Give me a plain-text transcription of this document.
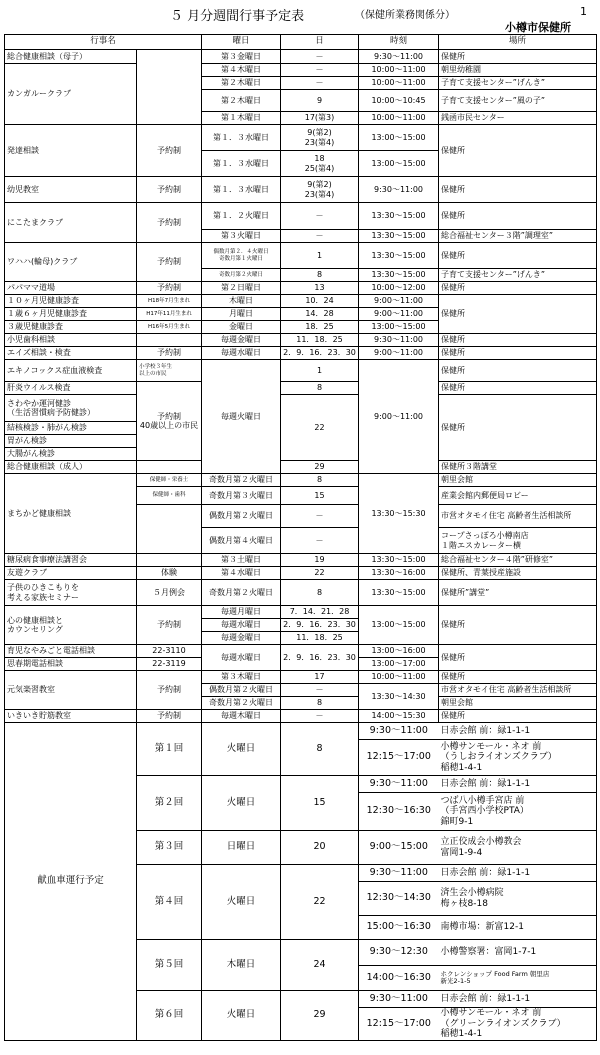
５ 月分週間行事予定表	（保健所業務関係分）	1
小樽市保健所
行事名		曜日	日	時刻	場所
総合健康相談（母子）		第３金曜日	－	9:30～11:00	保健所
カンガルークラブ		第４木曜日	－	10:00～11:00	朝里幼稚園
		第２木曜日	－	10:00～11:00	子育て支援センター”げんき”
		第２木曜日	9	10:00～10:45	子育て支援センター”風の子”
		第１木曜日	17(第3)	10:00～11:00	銭函市民センター
発達相談	予約制	第１．３水曜日	9(第2)
23(第4)	13:00～15:00	保健所
		第１．３水曜日	18
25(第4)	13:00～15:00	
幼児教室	予約制	第１．３水曜日	9(第2)
23(第4)	9:30～11:00	保健所
にこたまクラブ	予約制	第１．２火曜日	－	13:30～15:00	保健所
		第３火曜日	－	13:30～15:00	総合福祉センター３階”調理室”
ワハハ(輪母)クラブ	予約制	偶数月第２．４火曜日
奇数月第１火曜日	1	13:30～15:00	保健所
		奇数月第２火曜日	8	13:30～15:00	子育て支援センター”げんき”
パパママ道場	予約制	第２日曜日	13	10:00～12:00	保健所
１０ヶ月児健康診査	H18年7月生まれ	木曜日	10．24	9:00～11:00	保健所
１歳６ヶ月児健康診査	H17年11月生まれ	月曜日	14．28	9:00～11:00	
３歳児健康診査	H16年5月生まれ	金曜日	18．25	13:00～15:00	
小児歯科相談		毎週金曜日	11．18．25	9:30～11:00	保健所
エイズ相談・検査	予約制	毎週水曜日	2．9．16．23．30	9:00～11:00	保健所
エキノコックス症血液検査	小学校３年生
以上の市民	毎週火曜日	1	9:00～11:00	保健所
肝炎ウイルス検査	予約制
40歳以上の市民		8		保健所
さわやか運河健診
（生活習慣病予防健診）			22		保健所
結核検診・肺がん検診					
胃がん検診					
大腸がん検診					
総合健康相談（成人）			29		保健所３階講堂
まちかど健康相談	保健師・栄養士	奇数月第２火曜日	8	13:30～15:30	朝里会館
	保健師・歯科	奇数月第３火曜日	15		産業会館内郵便局ロビー
		偶数月第２火曜日	－		市営オタモイ住宅 高齢者生活相談所
		偶数月第４火曜日	－		コープさっぽろ小樽南店
１階エスカレーター横
糖尿病食事療法講習会		第３土曜日	19	13:30～15:00	総合福祉センター４階”研修室”
友遊クラブ	体験	第４水曜日	22	13:30～16:00	保健所、青葉授産施設
子供のひきこもりを
考える家族セミナー	５月例会	奇数月第２火曜日	8	13:30～15:00	保健所”講堂”
心の健康相談と
カウンセリング	予約制	毎週月曜日	7．14．21．28	13:00～15:00	保健所
		毎週水曜日	2．9．16．23．30		
		毎週金曜日	11．18．25		
育児なやみごと電話相談	22-3110	毎週水曜日	2．9．16．23．30	13:00～16:00	保健所
思春期電話相談	22-3119			13:00～17:00	
元気楽習教室	予約制	第３木曜日	17	10:00～11:00	保健所
		偶数月第２火曜日	－	13:30～14:30	市営オタモイ住宅 高齢者生活相談所
		奇数月第２火曜日	8		朝里会館
いきいき貯筋教室	予約制	毎週木曜日	－	14:00～15:30	保健所
献血車運行予定	第１回	火曜日	8	9:30～11:00	日赤会館 前：緑1-1-1
				12:15～17:00	小樽サンモール・ネオ 前
（うしおライオンズクラブ）
稲穂1-4-1
	第２回	火曜日	15	9:30～11:00	日赤会館 前：緑1-1-1
				12:30～16:30	つば八小樽手宮店 前
（手宮西小学校PTA）
錦町9-1
	第３回	日曜日	20	9:00～15:00	立正佼成会小樽教会
富岡1-9-4
	第４回	火曜日	22	9:30～11:00	日赤会館 前：緑1-1-1
				12:30～14:30	済生会小樽病院
梅ヶ枝8-18
				15:00～16:30	南樽市場：新富12-1
	第５回	木曜日	24	9:30～12:30	小樽警察署：富岡1-7-1
				14:00～16:30	ホクレンショップ Food Farm 朝里店
新光2-1-5
	第６回	火曜日	29	9:30～11:00	日赤会館 前：緑1-1-1
				12:15～17:00	小樽サンモール・ネオ 前
（グリーンライオンズクラブ）
稲穂1-4-1
